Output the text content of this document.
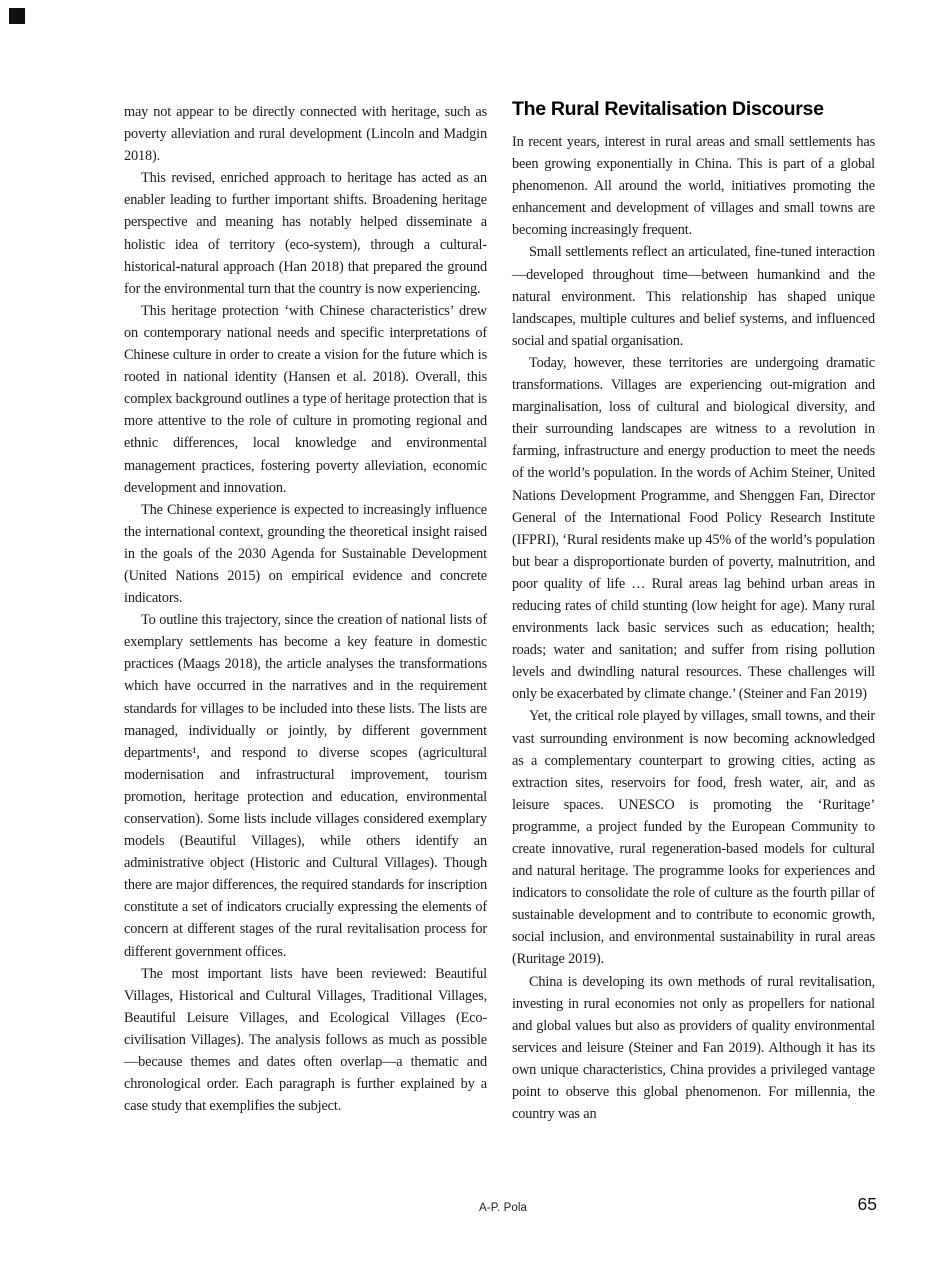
may not appear to be directly connected with heritage, such as poverty alleviation and rural development (Lincoln and Madgin 2018).

This revised, enriched approach to heritage has acted as an enabler leading to further important shifts. Broadening heritage perspective and meaning has notably helped disseminate a holistic idea of territory (eco-system), through a cultural-historical-natural approach (Han 2018) that prepared the ground for the environmental turn that the country is now experiencing.

This heritage protection ‘with Chinese characteristics’ drew on contemporary national needs and specific interpretations of Chinese culture in order to create a vision for the future which is rooted in national identity (Hansen et al. 2018). Overall, this complex background outlines a type of heritage protection that is more attentive to the role of culture in promoting regional and ethnic differences, local knowledge and environmental management practices, fostering poverty alleviation, economic development and innovation.

The Chinese experience is expected to increasingly influence the international context, grounding the theoretical insight raised in the goals of the 2030 Agenda for Sustainable Development (United Nations 2015) on empirical evidence and concrete indicators.

To outline this trajectory, since the creation of national lists of exemplary settlements has become a key feature in domestic practices (Maags 2018), the article analyses the transformations which have occurred in the narratives and in the requirement standards for villages to be included into these lists. The lists are managed, individually or jointly, by different government departments¹, and respond to diverse scopes (agricultural modernisation and infrastructural improvement, tourism promotion, heritage protection and education, environmental conservation). Some lists include villages considered exemplary models (Beautiful Villages), while others identify an administrative object (Historic and Cultural Villages). Though there are major differences, the required standards for inscription constitute a set of indicators crucially expressing the elements of concern at different stages of the rural revitalisation process for different government offices.

The most important lists have been reviewed: Beautiful Villages, Historical and Cultural Villages, Traditional Villages, Beautiful Leisure Villages, and Ecological Villages (Eco-civilisation Villages). The analysis follows as much as possible—because themes and dates often overlap—a thematic and chronological order. Each paragraph is further explained by a case study that exemplifies the subject.

The Rural Revitalisation Discourse

In recent years, interest in rural areas and small settlements has been growing exponentially in China. This is part of a global phenomenon. All around the world, initiatives promoting the enhancement and development of villages and small towns are becoming increasingly frequent.

Small settlements reflect an articulated, fine-tuned interaction—developed throughout time—between humankind and the natural environment. This relationship has shaped unique landscapes, multiple cultures and belief systems, and influenced social and spatial organisation.

Today, however, these territories are undergoing dramatic transformations. Villages are experiencing out-migration and marginalisation, loss of cultural and biological diversity, and their surrounding landscapes are witness to a revolution in farming, infrastructure and energy production to meet the needs of the world’s population. In the words of Achim Steiner, United Nations Development Programme, and Shenggen Fan, Director General of the International Food Policy Research Institute (IFPRI), ‘Rural residents make up 45% of the world’s population but bear a disproportionate burden of poverty, malnutrition, and poor quality of life … Rural areas lag behind urban areas in reducing rates of child stunting (low height for age). Many rural environments lack basic services such as education; health; roads; water and sanitation; and suffer from rising pollution levels and dwindling natural resources. These challenges will only be exacerbated by climate change.’ (Steiner and Fan 2019)

Yet, the critical role played by villages, small towns, and their vast surrounding environment is now becoming acknowledged as a complementary counterpart to growing cities, acting as extraction sites, reservoirs for food, fresh water, air, and as leisure spaces. UNESCO is promoting the ‘Ruritage’ programme, a project funded by the European Community to create innovative, rural regeneration-based models for cultural and natural heritage. The programme looks for experiences and indicators to consolidate the role of culture as the fourth pillar of sustainable development and to contribute to economic growth, social inclusion, and environmental sustainability in rural areas (Ruritage 2019).

China is developing its own methods of rural revitalisation, investing in rural economies not only as propellers for national and global values but also as providers of quality environmental services and leisure (Steiner and Fan 2019). Although it has its own unique characteristics, China provides a privileged vantage point to observe this global phenomenon. For millennia, the country was an

A-P. Pola	65
